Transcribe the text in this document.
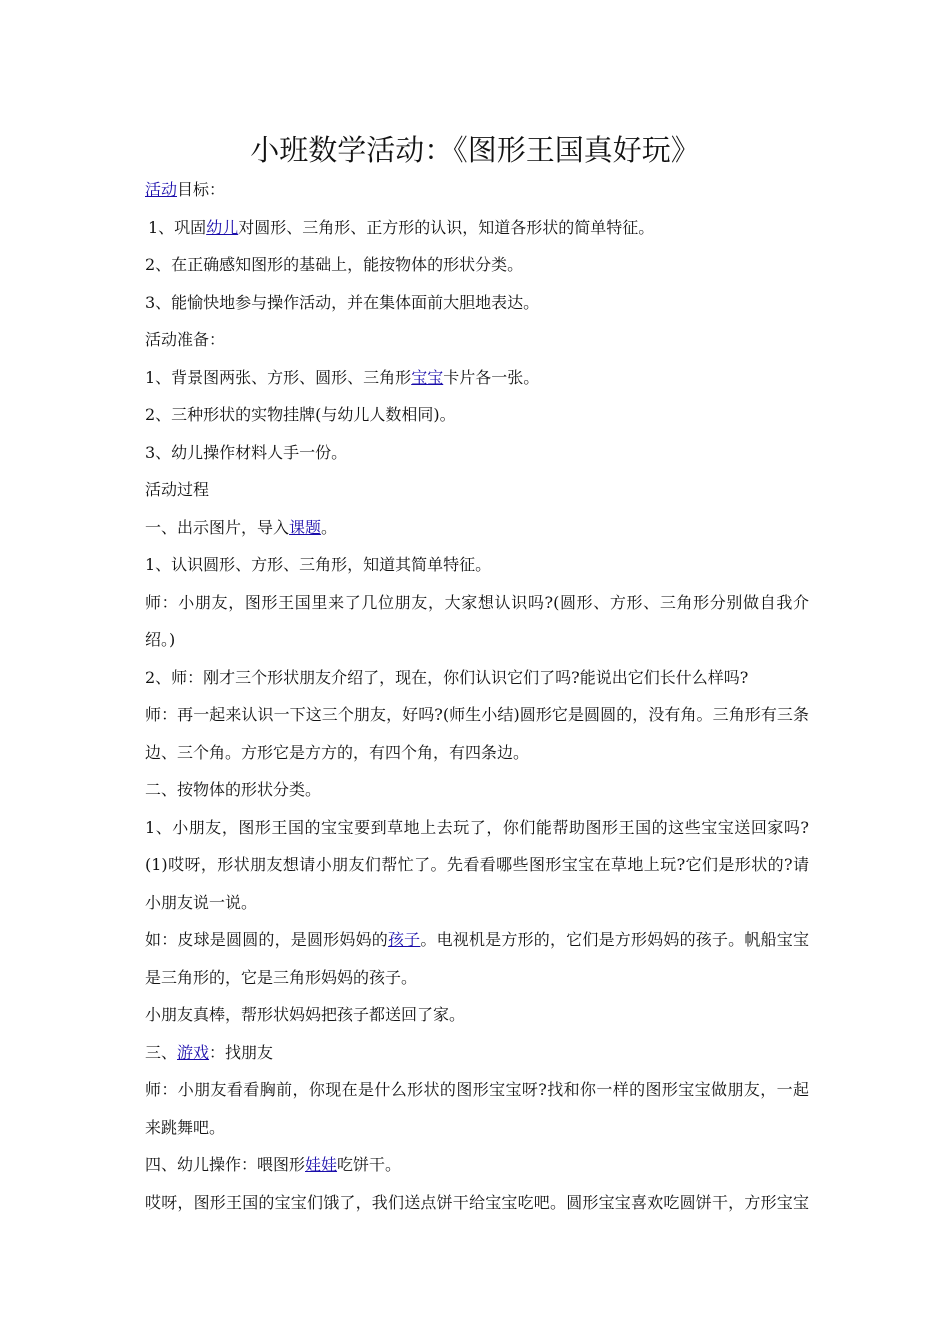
小班数学活动：《图形王国真好玩》

活动目标：

1、巩固幼儿对圆形、三角形、正方形的认识，知道各形状的简单特征。

2、在正确感知图形的基础上，能按物体的形状分类。

3、能愉快地参与操作活动，并在集体面前大胆地表达。

活动准备：

1、背景图两张、方形、圆形、三角形宝宝卡片各一张。

2、三种形状的实物挂牌(与幼儿人数相同)。

3、幼儿操作材料人手一份。

活动过程

一、出示图片，导入课题。

1、认识圆形、方形、三角形，知道其简单特征。

师：小朋友，图形王国里来了几位朋友，大家想认识吗?(圆形、方形、三角形分别做自我介

绍。)

2、师：刚才三个形状朋友介绍了，现在，你们认识它们了吗?能说出它们长什么样吗?

师：再一起来认识一下这三个朋友，好吗?(师生小结)圆形它是圆圆的，没有角。三角形有三条

边、三个角。方形它是方方的，有四个角，有四条边。

二、按物体的形状分类。

1、小朋友，图形王国的宝宝要到草地上去玩了，你们能帮助图形王国的这些宝宝送回家吗?

(1)哎呀，形状朋友想请小朋友们帮忙了。先看看哪些图形宝宝在草地上玩?它们是形状的?请

小朋友说一说。

如：皮球是圆圆的，是圆形妈妈的孩子。电视机是方形的，它们是方形妈妈的孩子。帆船宝宝

是三角形的，它是三角形妈妈的孩子。

小朋友真棒，帮形状妈妈把孩子都送回了家。

三、游戏：找朋友

师：小朋友看看胸前，你现在是什么形状的图形宝宝呀?找和你一样的图形宝宝做朋友，一起

来跳舞吧。

四、幼儿操作：喂图形娃娃吃饼干。

哎呀，图形王国的宝宝们饿了，我们送点饼干给宝宝吃吧。圆形宝宝喜欢吃圆饼干，方形宝宝
